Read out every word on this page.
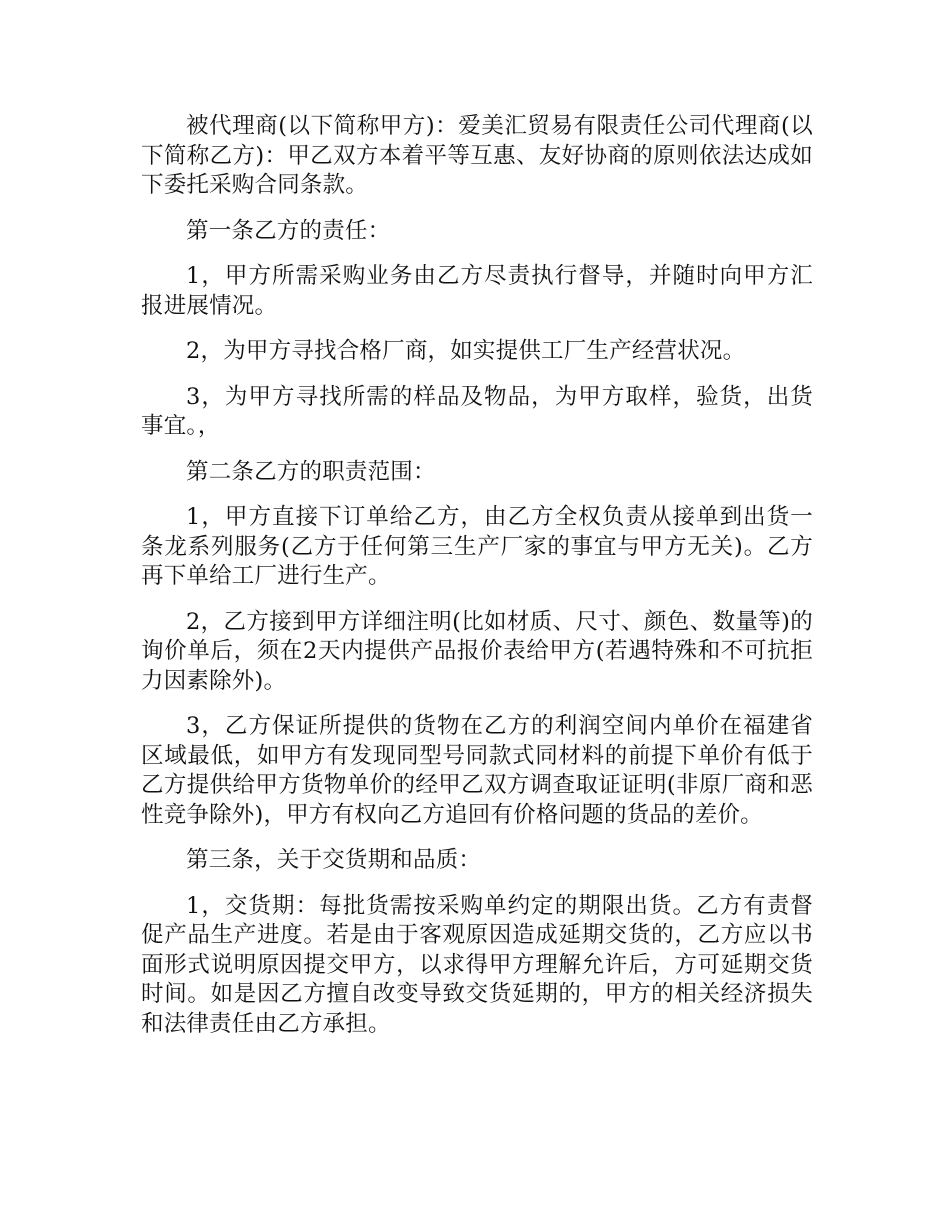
被代理商(以下简称甲方)：爱美汇贸易有限责任公司代理商(以下简称乙方)：甲乙双方本着平等互惠、友好协商的原则依法达成如下委托采购合同条款。

第一条乙方的责任：

1，甲方所需采购业务由乙方尽责执行督导，并随时向甲方汇报进展情况。

2，为甲方寻找合格厂商，如实提供工厂生产经营状况。

3，为甲方寻找所需的样品及物品，为甲方取样，验货，出货事宜。，

第二条乙方的职责范围：

1，甲方直接下订单给乙方，由乙方全权负责从接单到出货一条龙系列服务(乙方于任何第三生产厂家的事宜与甲方无关)。乙方再下单给工厂进行生产。

2，乙方接到甲方详细注明(比如材质、尺寸、颜色、数量等)的询价单后，须在2天内提供产品报价表给甲方(若遇特殊和不可抗拒力因素除外)。

3，乙方保证所提供的货物在乙方的利润空间内单价在福建省区域最低，如甲方有发现同型号同款式同材料的前提下单价有低于乙方提供给甲方货物单价的经甲乙双方调查取证证明(非原厂商和恶性竞争除外)，甲方有权向乙方追回有价格问题的货品的差价。

第三条，关于交货期和品质：

1，交货期：每批货需按采购单约定的期限出货。乙方有责督促产品生产进度。若是由于客观原因造成延期交货的，乙方应以书面形式说明原因提交甲方，以求得甲方理解允许后，方可延期交货时间。如是因乙方擅自改变导致交货延期的，甲方的相关经济损失和法律责任由乙方承担。
